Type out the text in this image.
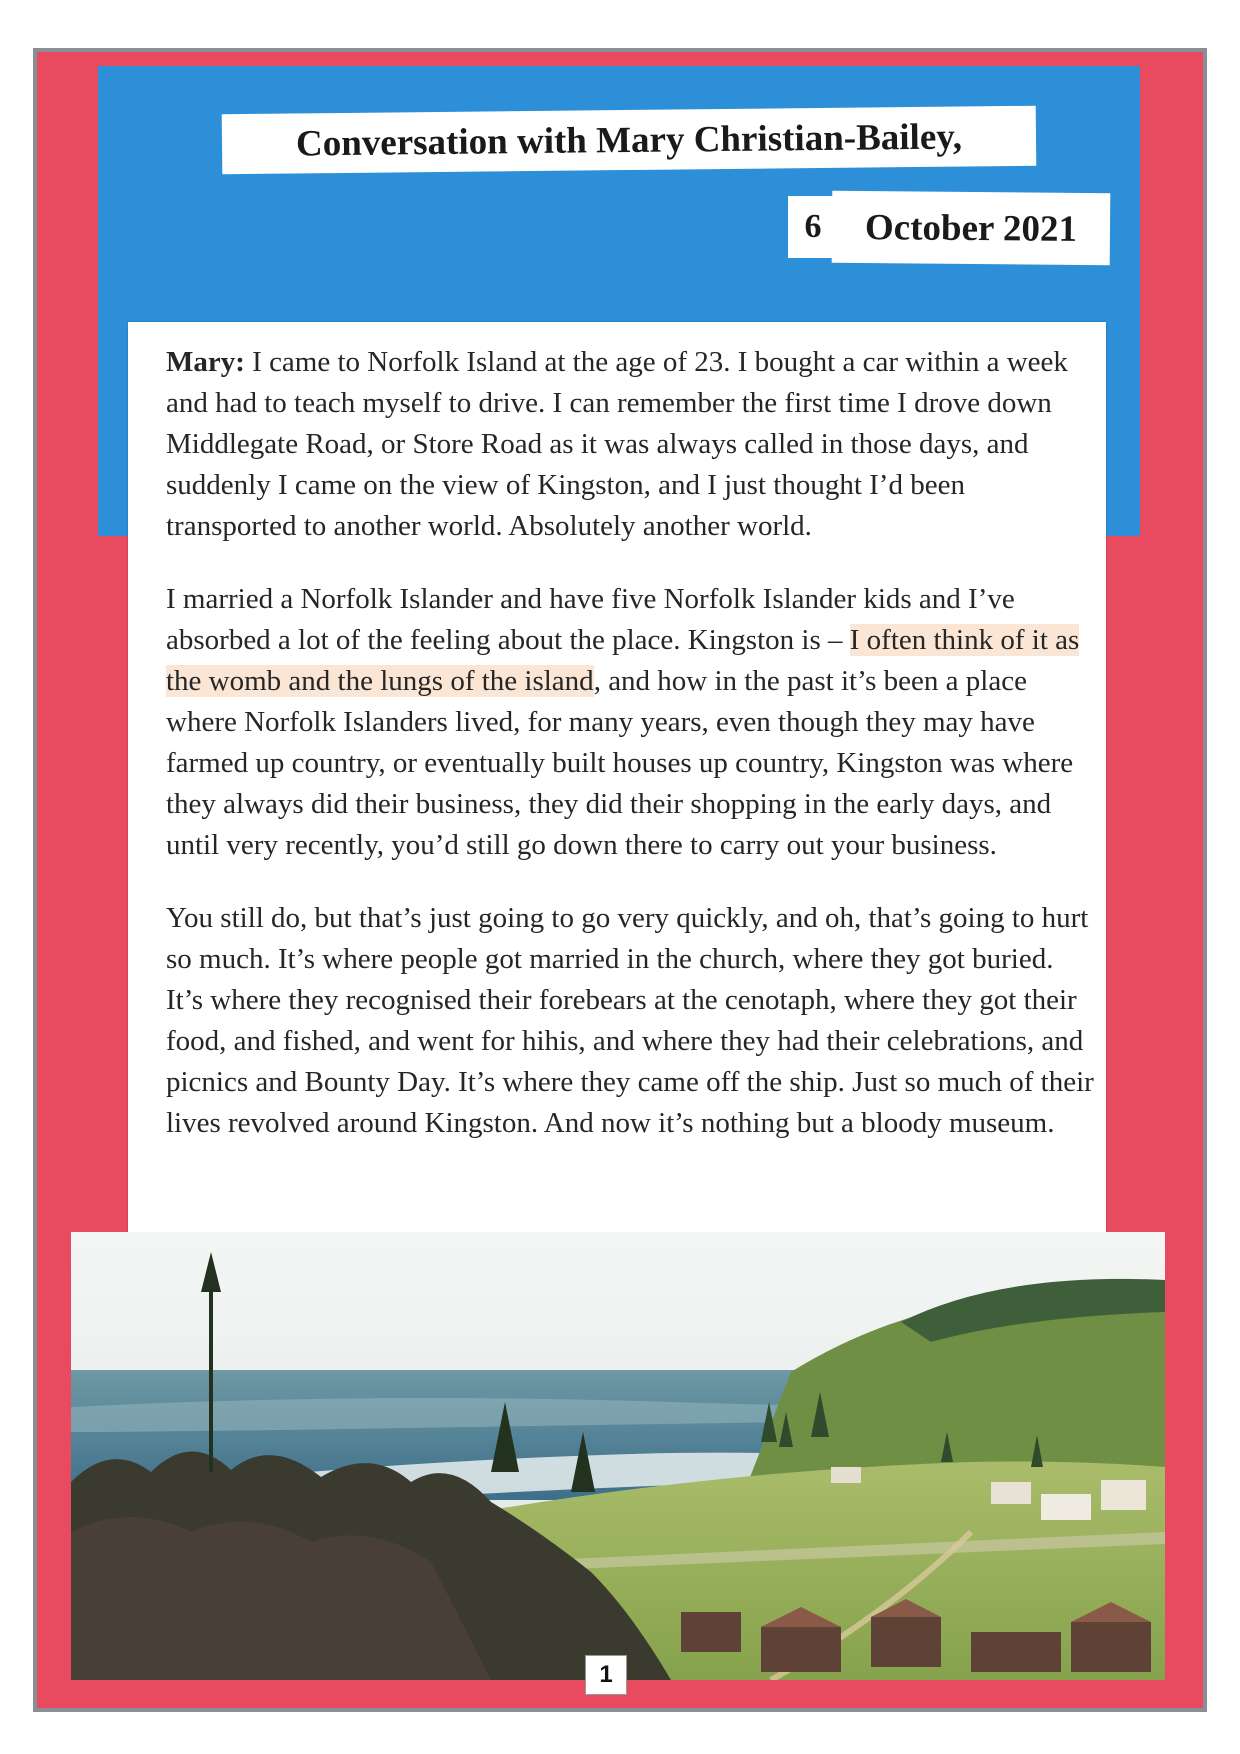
Conversation with Mary Christian-Bailey,
6 October 2021

Mary: I came to Norfolk Island at the age of 23. I bought a car within a week and had to teach myself to drive. I can remember the first time I drove down Middlegate Road, or Store Road as it was always called in those days, and suddenly I came on the view of Kingston, and I just thought I’d been transported to another world. Absolutely another world.

I married a Norfolk Islander and have five Norfolk Islander kids and I’ve absorbed a lot of the feeling about the place. Kingston is – I often think of it as the womb and the lungs of the island, and how in the past it’s been a place where Norfolk Islanders lived, for many years, even though they may have farmed up country, or eventually built houses up country, Kingston was where they always did their business, they did their shopping in the early days, and until very recently, you’d still go down there to carry out your business.

You still do, but that’s just going to go very quickly, and oh, that’s going to hurt so much. It’s where people got married in the church, where they got buried. It’s where they recognised their forebears at the cenotaph, where they got their food, and fished, and went for hihis, and where they had their celebrations, and picnics and Bounty Day. It’s where they came off the ship. Just so much of their lives revolved around Kingston. And now it’s nothing but a bloody museum.

1
